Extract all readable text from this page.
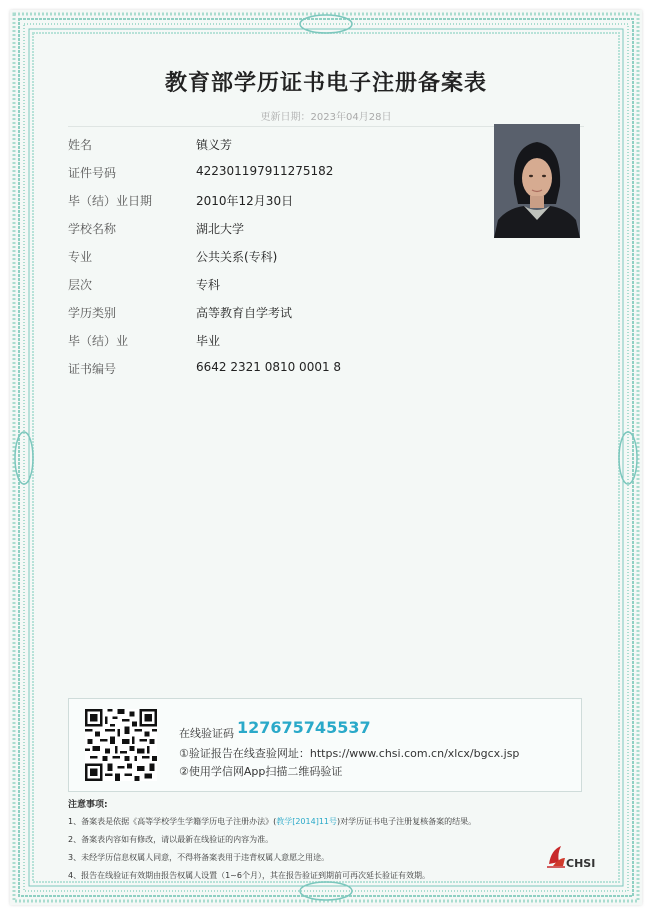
教育部学历证书电子注册备案表
更新日期：2023年04月28日
姓名	镇义芳
证件号码	422301197911275182
毕（结）业日期	2010年12月30日
学校名称	湖北大学
专业	公共关系(专科)
层次	专科
学历类别	高等教育自学考试
毕（结）业	毕业
证书编号	6642 2321 0810 0001 8
在线验证码 127675745537
①验证报告在线查验网址：https://www.chsi.com.cn/xlcx/bgcx.jsp
②使用学信网App扫描二维码验证
注意事项:
1、备案表是依据《高等学校学生学籍学历电子注册办法》(教学[2014]11号)对学历证书电子注册复核备案的结果。
2、备案表内容如有修改，请以最新在线验证的内容为准。
3、未经学历信息权属人同意，不得将备案表用于违背权属人意愿之用途。
4、报告在线验证有效期由报告权属人设置（1~6个月），其在报告验证到期前可再次延长验证有效期。
CHSI
